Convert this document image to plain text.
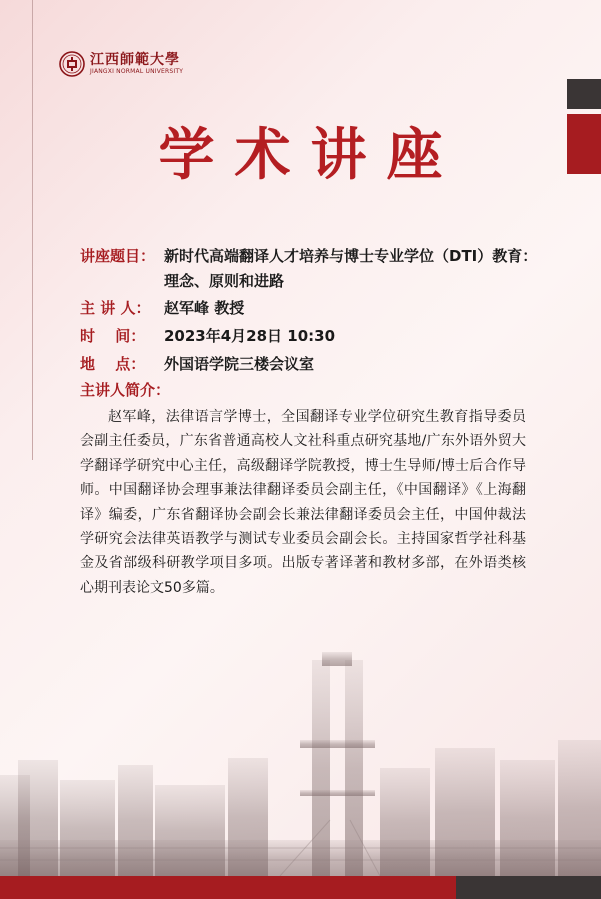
江西師範大學
JIANGXI NORMAL UNIVERSITY
学术讲座
讲座题目： 新时代高端翻译人才培养与博士专业学位（DTI）教育：
理念、原则和进路
主 讲 人： 赵军峰 教授
时　 间： 2023年4月28日 10:30
地　 点： 外国语学院三楼会议室
主讲人简介：
赵军峰，法律语言学博士，全国翻译专业学位研究生教育指导委员会副主任委员，广东省普通高校人文社科重点研究基地/广东外语外贸大学翻译学研究中心主任，高级翻译学院教授，博士生导师/博士后合作导师。中国翻译协会理事兼法律翻译委员会副主任，《中国翻译》《上海翻译》编委，广东省翻译协会副会长兼法律翻译委员会主任，中国仲裁法学研究会法律英语教学与测试专业委员会副会长。主持国家哲学社科基金及省部级科研教学项目多项。出版专著译著和教材多部，在外语类核心期刊表论文50多篇。
